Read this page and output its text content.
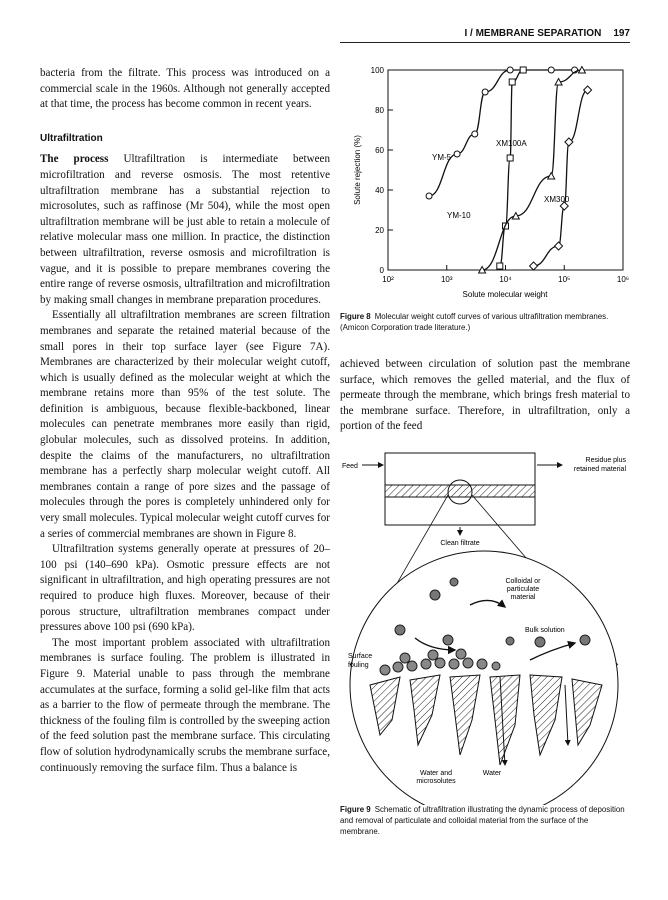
I / MEMBRANE SEPARATION 197

bacteria from the filtrate. This process was introduced on a commercial scale in the 1960s. Although not generally accepted at that time, the process has become common in recent years.

Ultrafiltration

The process Ultrafiltration is intermediate between microfiltration and reverse osmosis. The most retentive ultrafiltration membrane has a substantial rejection to microsolutes, such as raffinose (Mr 504), while the most open ultrafiltration membrane will be just able to retain a molecule of relative molecular mass one million. In practice, the distinction between ultrafiltration, reverse osmosis and microfiltration is vague, and it is possible to prepare membranes covering the entire range of reverse osmosis, ultrafiltration and microfiltration by making small changes in membrane preparation procedures.

Essentially all ultrafiltration membranes are screen filtration membranes and separate the retained material because of the small pores in their top surface layer (see Figure 7A). Membranes are characterized by their molecular weight cutoff, which is usually defined as the molecular weight at which the membrane retains more than 95% of the test solute. The definition is ambiguous, because flexible-backboned, linear molecules can penetrate membranes more easily than rigid, globular molecules, such as dissolved proteins. In addition, despite the claims of the manufacturers, no ultrafiltration membrane has a perfectly sharp molecular weight cutoff. All membranes contain a range of pore sizes and the passage of molecules through the pores is completely unhindered only for very small molecules. Typical molecular weight cutoff curves for a series of commercial membranes are shown in Figure 8.

Ultrafiltration systems generally operate at pressures of 20–100 psi (140–690 kPa). Osmotic pressure effects are not significant in ultrafiltration, and high operating pressures are not required to produce high fluxes. Moreover, because of their porous structure, ultrafiltration membranes compact under pressures above 100 psi (690 kPa).

The most important problem associated with ultrafiltration membranes is surface fouling. The problem is illustrated in Figure 9. Material unable to pass through the membrane accumulates at the surface, forming a solid gel-like film that acts as a barrier to the flow of permeate through the membrane. The thickness of the fouling film is controlled by the sweeping action of the feed solution past the membrane surface. This circulating flow of solution hydrodynamically scrubs the membrane surface, continuously removing the surface film. Thus a balance is

0
20
40
60
80
100
10²	10³	10⁴	10⁵	10⁶
YM-5
XM100A
YM-10
XM300
Solute molecular weight
Solute rejection (%)
Figure 8 Molecular weight cutoff curves of various ultrafiltration membranes. (Amicon Corporation trade literature.)

achieved between circulation of solution past the membrane surface, which removes the gelled material, and the flux of permeate through the membrane, which brings fresh material to the membrane surface. Therefore, in ultrafiltration, only a portion of the feed

Feed
Residue plus
retained material
Clean filtrate
Colloidal or
particulate
material
Bulk solution
Surface
fouling
Water and
microsolutes
Water
Figure 9 Schematic of ultrafiltration illustrating the dynamic process of deposition and removal of particulate and colloidal material from the surface of the membrane.
